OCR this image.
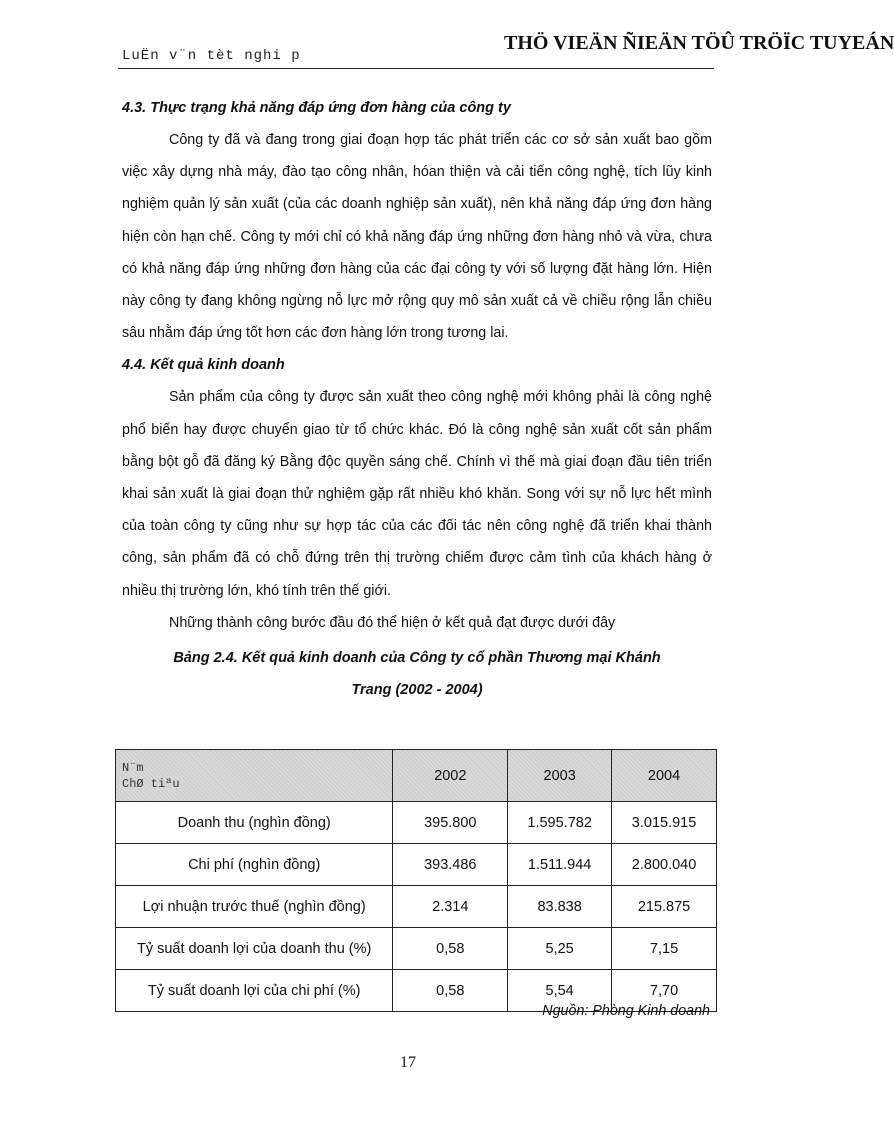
LuËn v¨n tèt nghi p
THÖ VIEÄN ÑIEÄN TÖÛ TRÖÏC TUYEÁN
4.3. Thực trạng khả năng đáp ứng đơn hàng của công ty

Công ty đã và đang trong giai đoạn hợp tác phát triển các cơ sở sản xuất bao gồm việc xây dựng nhà máy, đào tạo công nhân, hóan thiện và cải tiến công nghệ, tích lũy kinh nghiệm quản lý sản xuất (của các doanh nghiệp sản xuất), nên khả năng đáp ứng đơn hàng hiện còn hạn chế. Công ty mới chỉ có khả năng đáp ứng những đơn hàng nhỏ và vừa, chưa có khả năng đáp ứng những đơn hàng của các đại công ty với số lượng đặt hàng lớn. Hiện này công ty đang không ngừng nỗ lực mở rộng quy mô sản xuất cả về chiều rộng lẫn chiều sâu nhằm đáp ứng tốt hơn các đơn hàng lớn trong tương lai.

4.4. Kết quả kinh doanh

Sản phẩm của công ty được sản xuất theo công nghệ mới không phải là công nghệ phổ biến hay được chuyển giao từ tổ chức khác. Đó là công nghệ sản xuất cốt sản phẩm bằng bột gỗ đã đăng ký Bằng độc quyền sáng chế. Chính vì thế mà giai đoạn đầu tiên triển khai sản xuất là giai đoạn thử nghiệm gặp rất nhiều khó khăn. Song với sự nỗ lực hết mình của toàn công ty cũng như sự hợp tác của các đối tác nên công nghệ đã triển khai thành công, sản phẩm đã có chỗ đứng trên thị trường chiếm được cảm tình của khách hàng ở nhiều thị trường lớn, khó tính trên thế giới.

Những thành công bước đầu đó thể hiện ở kết quả đạt được dưới đây

Bảng 2.4. Kết quả kinh doanh của Công ty cổ phần Thương mại Khánh
Trang (2002 - 2004)
N¨m
ChØ tiªu	2002	2003	2004
Doanh thu (nghìn đồng)	395.800	1.595.782	3.015.915
Chi phí (nghìn đồng)	393.486	1.511.944	2.800.040
Lợi nhuận trước thuế (nghìn đồng)	2.314	83.838	215.875
Tỷ suất doanh lợi của doanh thu (%)	0,58	5,25	7,15
Tỷ suất doanh lợi của chi phí (%)	0,58	5,54	7,70
Nguồn: Phòng Kinh doanh
17
